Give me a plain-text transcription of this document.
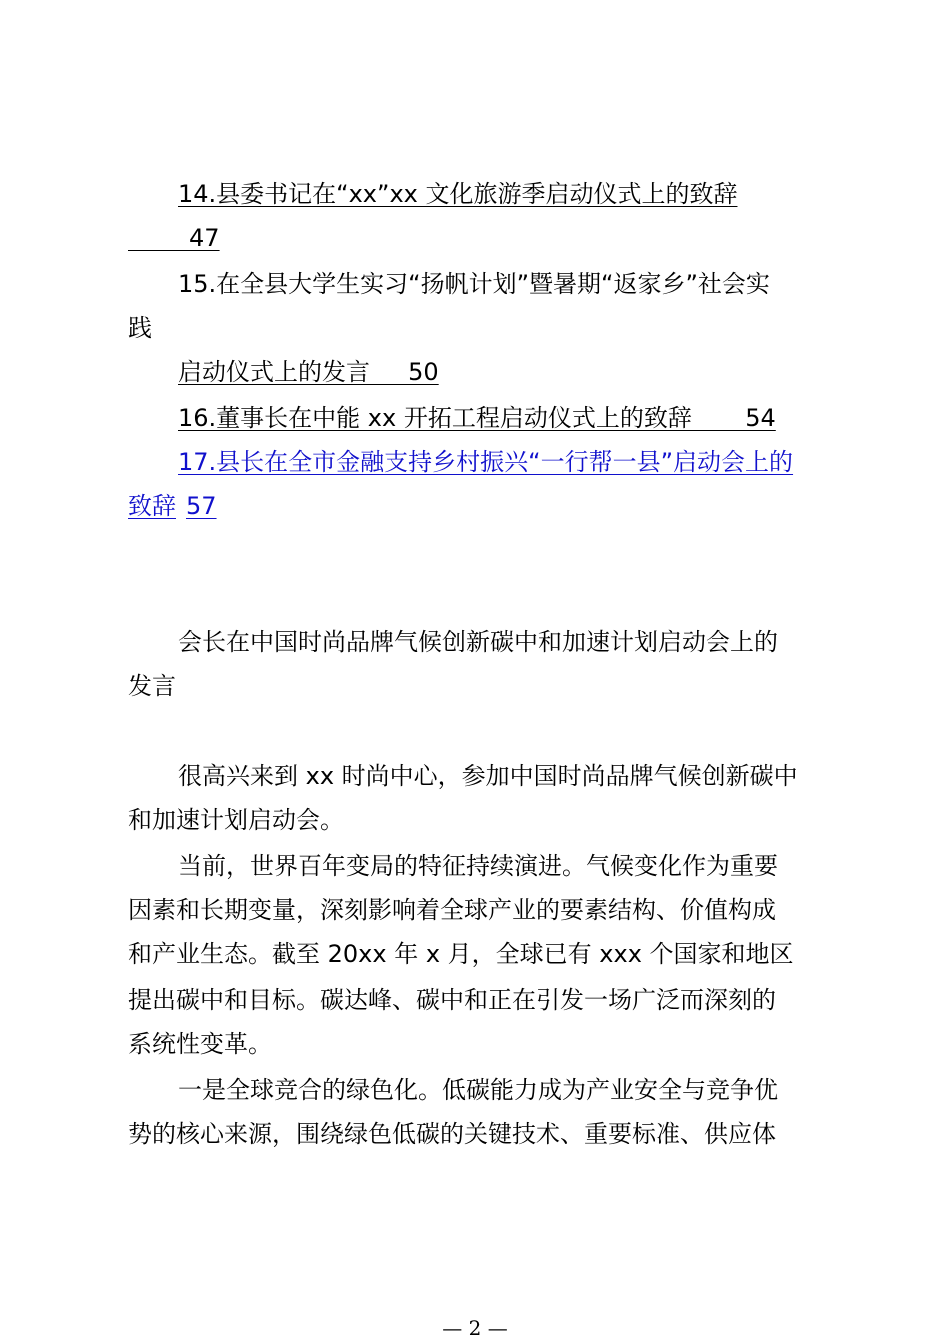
14.县委书记在“xx”xx 文化旅游季启动仪式上的致辞
47
15.在全县大学生实习“扬帆计划”暨暑期“返家乡”社会实
践
启动仪式上的发言     50
16.董事长在中能 xx 开拓工程启动仪式上的致辞       54
17.县长在全市金融支持乡村振兴“一行帮一县”启动会上的
致辞 57
会长在中国时尚品牌气候创新碳中和加速计划启动会上的
发言
很高兴来到 xx 时尚中心，参加中国时尚品牌气候创新碳中
和加速计划启动会。
当前，世界百年变局的特征持续演进。气候变化作为重要
因素和长期变量，深刻影响着全球产业的要素结构、价值构成
和产业生态。截至 20xx 年 x 月，全球已有 xxx 个国家和地区
提出碳中和目标。碳达峰、碳中和正在引发一场广泛而深刻的
系统性变革。
一是全球竞合的绿色化。低碳能力成为产业安全与竞争优
势的核心来源，围绕绿色低碳的关键技术、重要标准、供应体
— 2 —
